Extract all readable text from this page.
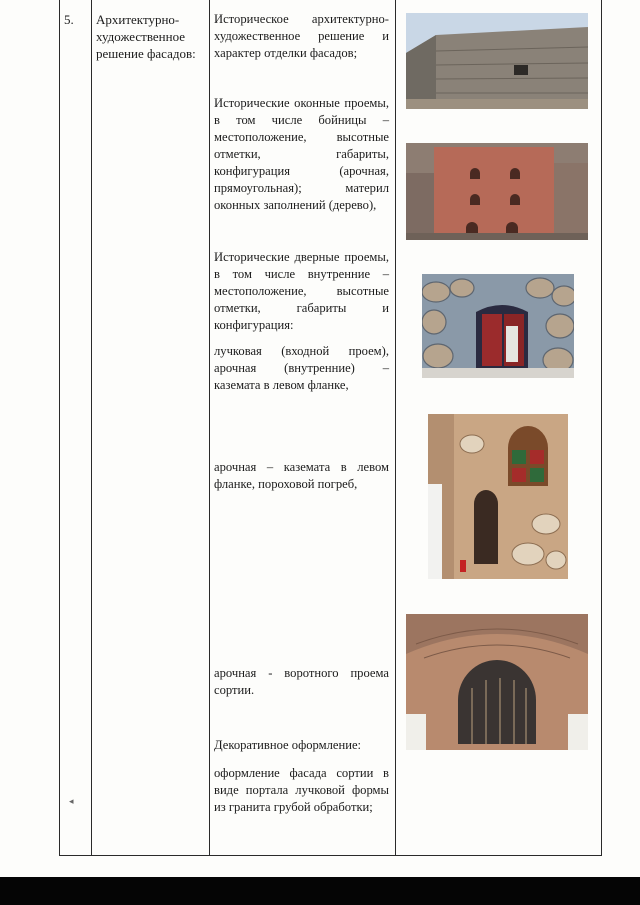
5. Архитектурно-художественное решение фасадов:
Историческое архитектурно-художественное решение и характер отделки фасадов;
Исторические оконные проемы, в том числе бойницы – местоположение, высотные отметки, габариты, конфигурация (арочная, прямоугольная); материл оконных заполнений (дерево),
Исторические дверные проемы, в том числе внутренние – местоположение, высотные отметки, габариты и конфигурация:
лучковая (входной проем), арочная (внутренние) – каземата в левом фланке,
арочная – каземата в левом фланке, пороховой погреб,
арочная - воротного проема сортии.
Декоративное оформление:
оформление фасада сортии в виде портала лучковой формы из гранита грубой обработки;
◂
